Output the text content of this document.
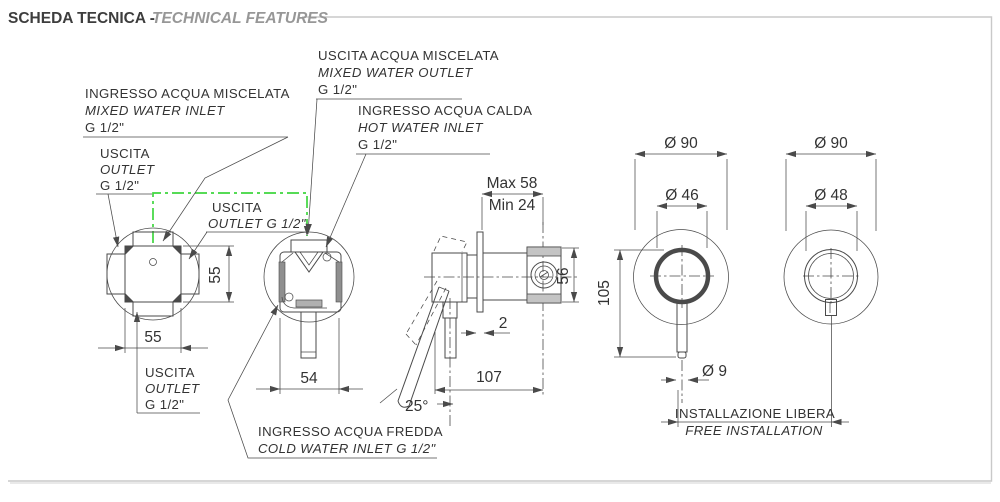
SCHEDA TECNICA -
TECHNICAL FEATURES
55
55
54
Max 58
Min 24
56
2
107
25°
Ø 90
Ø 46
105
Ø 9
Ø 90
Ø 48
INGRESSO ACQUA MISCELATA
MIXED WATER INLET
G 1/2"
USCITA
OUTLET
G 1/2"
USCITA
OUTLET G 1/2"
USCITA
OUTLET
G 1/2"
USCITA ACQUA MISCELATA
MIXED WATER OUTLET
G 1/2"
INGRESSO ACQUA CALDA
HOT WATER INLET
G 1/2"
INGRESSO ACQUA FREDDA
COLD WATER INLET G 1/2"
INSTALLAZIONE LIBERA
FREE INSTALLATION
